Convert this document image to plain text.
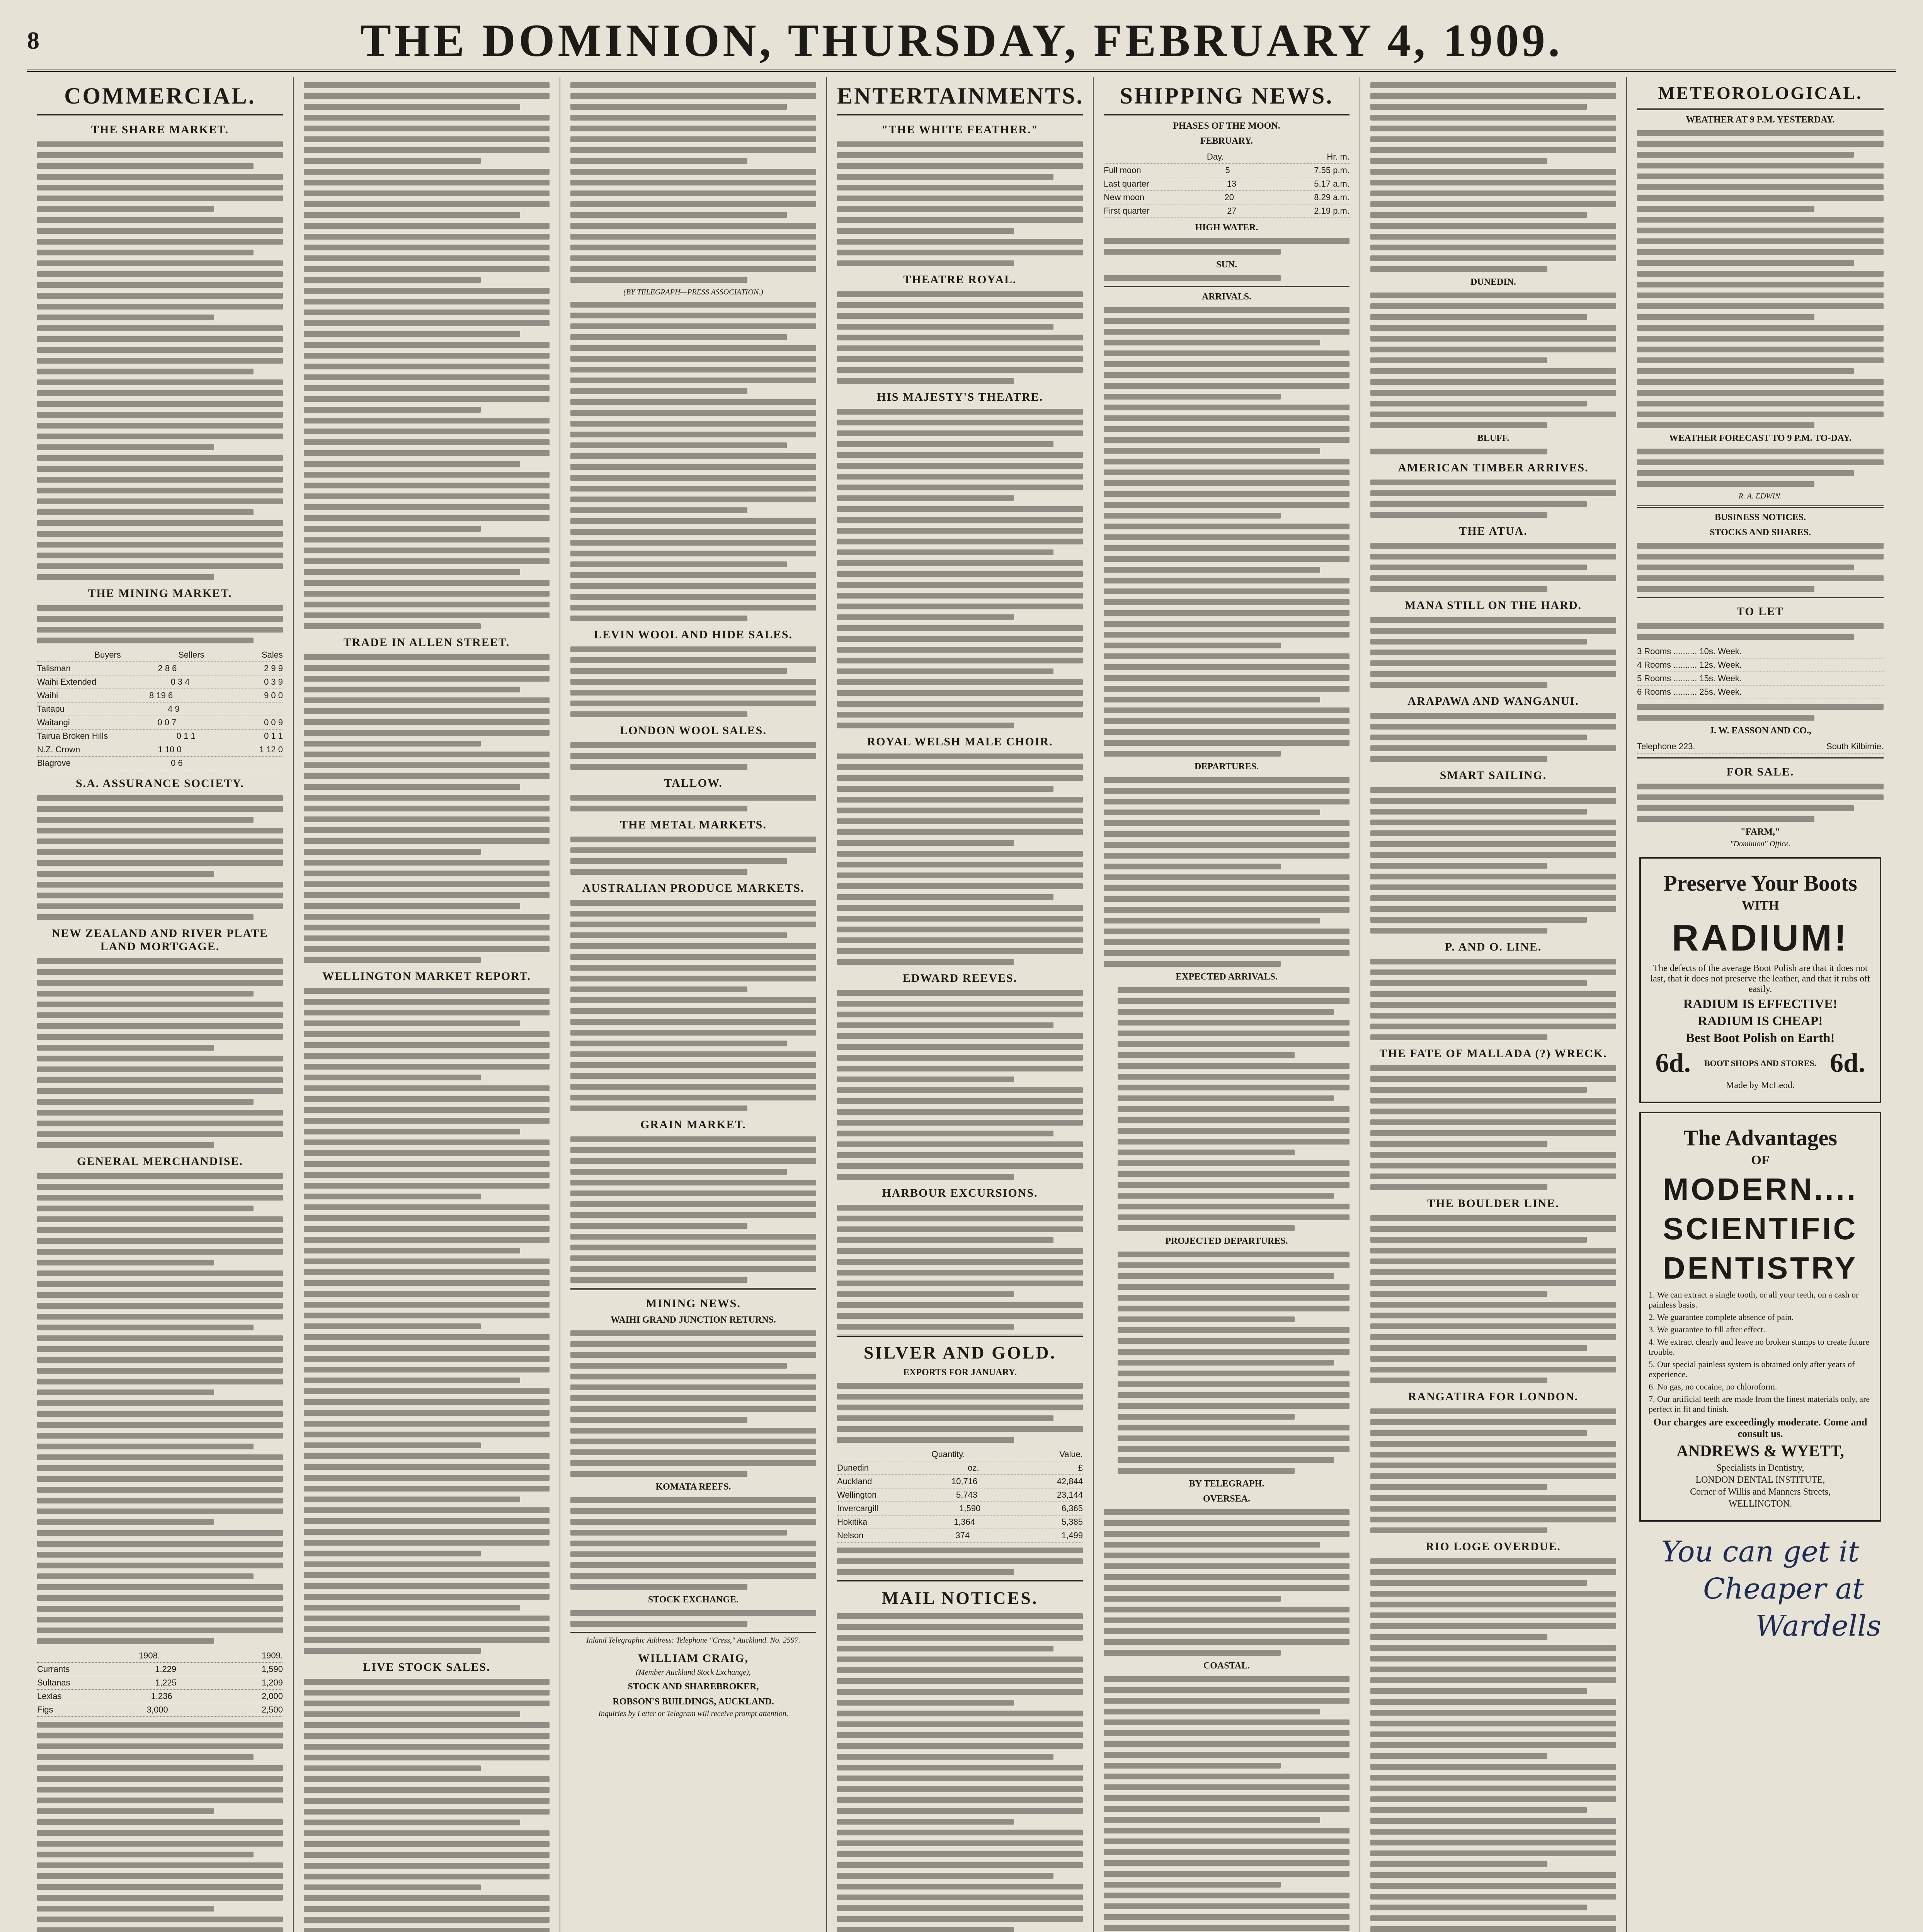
8	THE DOMINION, THURSDAY, FEBRUARY 4, 1909.
COMMERCIAL.
THE SHARE MARKET.
THE MINING MARKET.
Buyers	Sellers	Sales
Talisman	2 8 6	2 9 9
Waihi Extended	0 3 4	0 3 9
Waihi	8 19 6	9 0 0
Taitapu	4 9
Waitangi	0 0 7	0 0 9
Tairua Broken Hills	0 1 1	0 1 1
N.Z. Crown	1 10 0	1 12 0
Blagrove	0 6
S.A. ASSURANCE SOCIETY.
NEW ZEALAND AND RIVER PLATE LAND MORTGAGE.
GENERAL MERCHANDISE.
1908.	1909.
Currants	1,229	1,590
Sultanas	1,225	1,209
Lexias	1,236	2,000
Figs	3,000	2,500
TRADE IN ALLEN STREET.
WELLINGTON MARKET REPORT.
LIVE STOCK SALES.
(BY TELEGRAPH—PRESS ASSOCIATION.)
LEVIN WOOL AND HIDE SALES.
LONDON WOOL SALES.
TALLOW.
THE METAL MARKETS.
AUSTRALIAN PRODUCE MARKETS.
GRAIN MARKET.
MINING NEWS.
WAIHI GRAND JUNCTION RETURNS.
KOMATA REEFS.
STOCK EXCHANGE.
Inland Telegraphic Address: Telephone "Cress," Auckland. No. 2597.
WILLIAM CRAIG,
(Member Auckland Stock Exchange),
STOCK AND SHAREBROKER,
ROBSON'S BUILDINGS, AUCKLAND.
Inquiries by Letter or Telegram will receive prompt attention.
ENTERTAINMENTS.
"THE WHITE FEATHER."
THEATRE ROYAL.
HIS MAJESTY'S THEATRE.
ROYAL WELSH MALE CHOIR.
EDWARD REEVES.
HARBOUR EXCURSIONS.
SILVER AND GOLD.
EXPORTS FOR JANUARY.
Quantity.	Value.
Dunedin	oz.	£
Auckland	10,716	42,844
Wellington	5,743	23,144
Invercargill	1,590	6,365
Hokitika	1,364	5,385
Nelson	374	1,499
MAIL NOTICES.
SHIPPING NEWS.
PHASES OF THE MOON.
FEBRUARY.
Day.	Hr. m.
Full moon	5	7.55 p.m.
Last quarter	13	5.17 a.m.
New moon	20	8.29 a.m.
First quarter	27	2.19 p.m.
HIGH WATER.
SUN.
ARRIVALS.
DEPARTURES.
EXPECTED ARRIVALS.
PROJECTED DEPARTURES.
BY TELEGRAPH.
OVERSEA.
COASTAL.
DUNEDIN.
BLUFF.
AMERICAN TIMBER ARRIVES.
THE ATUA.
MANA STILL ON THE HARD.
ARAPAWA AND WANGANUI.
SMART SAILING.
P. AND O. LINE.
THE FATE OF MALLADA (?) WRECK.
THE BOULDER LINE.
RANGATIRA FOR LONDON.
RIO LOGE OVERDUE.
METEOROLOGICAL.
WEATHER AT 9 P.M. YESTERDAY.
WEATHER FORECAST TO 9 P.M. TO-DAY.
R. A. EDWIN.
BUSINESS NOTICES.
STOCKS AND SHARES.
TO LET
3 Rooms .......... 10s. Week.
4 Rooms .......... 12s. Week.
5 Rooms .......... 15s. Week.
6 Rooms .......... 25s. Week.
J. W. EASSON AND CO.,
Telephone 223.	South Kilbirnie.
FOR SALE.
"FARM,"
"Dominion" Office.
Preserve Your Boots
WITH
RADIUM!
The defects of the average Boot Polish are that it does not last, that it does not preserve the leather, and that it rubs off easily.
RADIUM IS EFFECTIVE!
RADIUM IS CHEAP!
Best Boot Polish on Earth!
6d. BOOT SHOPS AND STORES. 6d.
Made by McLeod.
The Advantages
OF
MODERN....
SCIENTIFIC
DENTISTRY
1. We can extract a single tooth, or all your teeth, on a cash or painless basis.
2. We guarantee complete absence of pain.
3. We guarantee to fill after effect.
4. We extract clearly and leave no broken stumps to create future trouble.
5. Our special painless system is obtained only after years of experience.
6. No gas, no cocaine, no chloroform.
7. Our artificial teeth are made from the finest materials only, are perfect in fit and finish.
Our charges are exceedingly moderate. Come and consult us.
ANDREWS & WYETT,
Specialists in Dentistry,
LONDON DENTAL INSTITUTE,
Corner of Willis and Manners Streets,
WELLINGTON.
You can get it
Cheaper at
Wardells
